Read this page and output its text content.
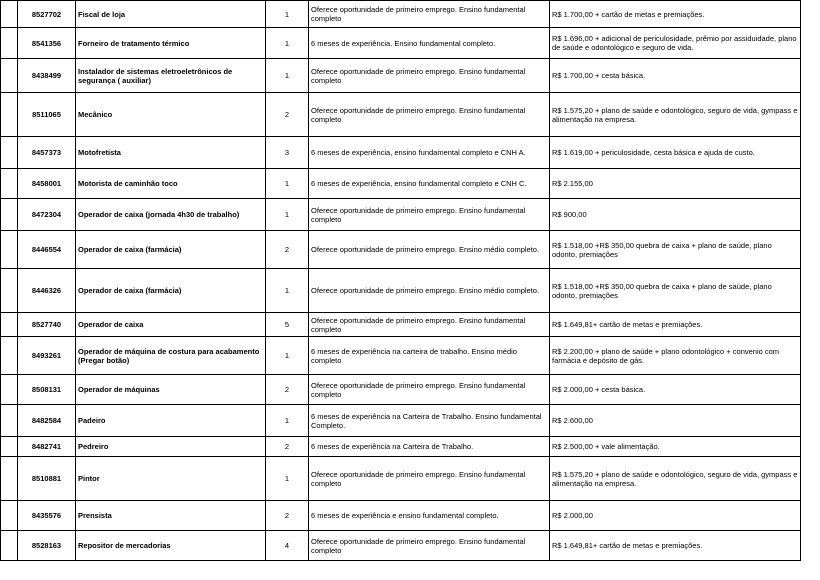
	8527702	Fiscal de loja	1	Oferece oportunidade de primeiro emprego. Ensino fundamental completo	R$ 1.700,00 + cartão de metas e premiações.
	8541356	Forneiro de tratamento térmico	1	6 meses de experiência. Ensino fundamental completo.	R$ 1.696,00 + adicional de periculosidade, prêmio por assiduidade, plano de saúde e odontológico e seguro de vida.
	8438499	Instalador de sistemas eletroeletrônicos de segurança ( auxiliar)	1	Oferece oportunidade de primeiro emprego. Ensino fundamental completo	R$ 1.700,00 + cesta básica.
	8511065	Mecânico	2	Oferece oportunidade de primeiro emprego. Ensino fundamental completo	R$ 1.575,20 + plano de saúde e odontológico, seguro de vida, gympass e alimentação na empresa.
	8457373	Motofretista	3	6 meses de experiência, ensino fundamental completo e CNH A.	R$ 1.619,00 + periculosidade, cesta básica e ajuda de custo.
	8458001	Motorista de caminhão toco	1	6 meses de experiência, ensino fundamental completo e CNH C.	R$ 2.155,00
	8472304	Operador de caixa (jornada 4h30 de trabalho)	1	Oferece oportunidade de primeiro emprego. Ensino fundamental completo	R$ 900,00
	8446554	Operador de caixa (farmácia)	2	Oferece oportunidade de primeiro emprego. Ensino médio completo.	R$ 1.518,00 +R$ 350,00 quebra de caixa + plano de saúde, plano odonto, premiações
	8446326	Operador de caixa (farmácia)	1	Oferece oportunidade de primeiro emprego. Ensino médio completo.	R$ 1.518,00 +R$ 350,00 quebra de caixa + plano de saúde, plano odonto, premiações
	8527740	Operador de caixa	5	Oferece oportunidade de primeiro emprego. Ensino fundamental completo	R$ 1.649,81+ cartão de metas e premiações.
	8493261	Operador de máquina de costura para acabamento (Pregar botão)	1	6 meses de experiência na carteira de trabalho. Ensino médio completo	R$ 2.200,00 + plano de saúde + plano odontológico + convenio com farmácia e depósito de gás.
	8508131	Operador de máquinas	2	Oferece oportunidade de primeiro emprego. Ensino fundamental completo	R$ 2.000,00 + cesta básica.
	8482584	Padeiro	1	6 meses de experiência na Carteira de Trabalho. Ensino fundamental Completo.	R$ 2.600,00
	8482741	Pedreiro	2	6 meses de experiência na Carteira de Trabalho.	R$ 2.500,00 + vale alimentação.
	8510881	Pintor	1	Oferece oportunidade de primeiro emprego. Ensino fundamental completo	R$ 1.575,20 + plano de saúde e odontológico, seguro de vida, gympass e alimentação na empresa.
	8435576	Prensista	2	6 meses de experiência e ensino fundamental completo.	R$ 2.000,00
	8528163	Repositor de mercadorias	4	Oferece oportunidade de primeiro emprego. Ensino fundamental completo	R$ 1.649,81+ cartão de metas e premiações.
